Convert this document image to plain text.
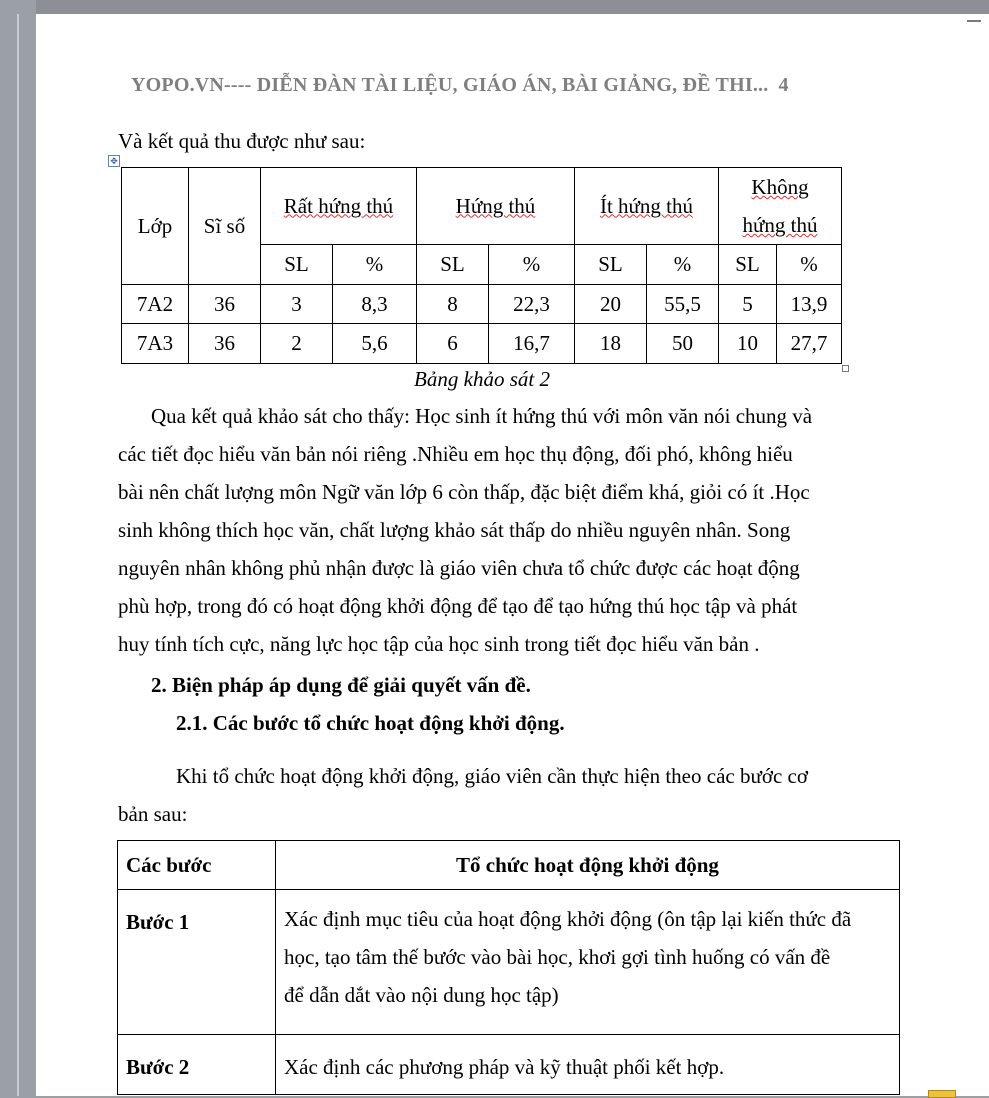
YOPO.VN---- DIỄN ĐÀN TÀI LIỆU, GIÁO ÁN, BÀI GIẢNG, ĐỀ THI... 4
Và kết quả thu được như sau:
✥
Lớp	Sĩ số	Rất hứng thú		Hứng thú		Ít hứng thú		Không
hứng thú	
		SL	%	SL	%	SL	%	SL	%
7A2	36	3	8,3	8	22,3	20	55,5	5	13,9
7A3	36	2	5,6	6	16,7	18	50	10	27,7
Bảng khảo sát 2
Qua kết quả khảo sát cho thấy: Học sinh ít hứng thú với môn văn nói chung và
các tiết đọc hiểu văn bản nói riêng .Nhiều em học thụ động, đối phó, không hiểu
bài nên chất lượng môn Ngữ văn lớp 6 còn thấp, đặc biệt điểm khá, giỏi có ít .Học
sinh không thích học văn, chất lượng khảo sát thấp do nhiều nguyên nhân. Song
nguyên nhân không phủ nhận được là giáo viên chưa tổ chức được các hoạt động
phù hợp, trong đó có hoạt động khởi động để tạo để tạo hứng thú học tập và phát
huy tính tích cực, năng lực học tập của học sinh trong tiết đọc hiểu văn bản .
2. Biện pháp áp dụng để giải quyết vấn đề.
2.1. Các bước tổ chức hoạt động khởi động.
Khi tổ chức hoạt động khởi động, giáo viên cần thực hiện theo các bước cơ
bản sau:
Các bước	Tổ chức hoạt động khởi động
Bước 1	Xác định mục tiêu của hoạt động khởi động (ôn tập lại kiến thức đã
học, tạo tâm thế bước vào bài học, khơi gợi tình huống có vấn đề
để dẫn dắt vào nội dung học tập)

Bước 2	Xác định các phương pháp và kỹ thuật phối kết hợp.
